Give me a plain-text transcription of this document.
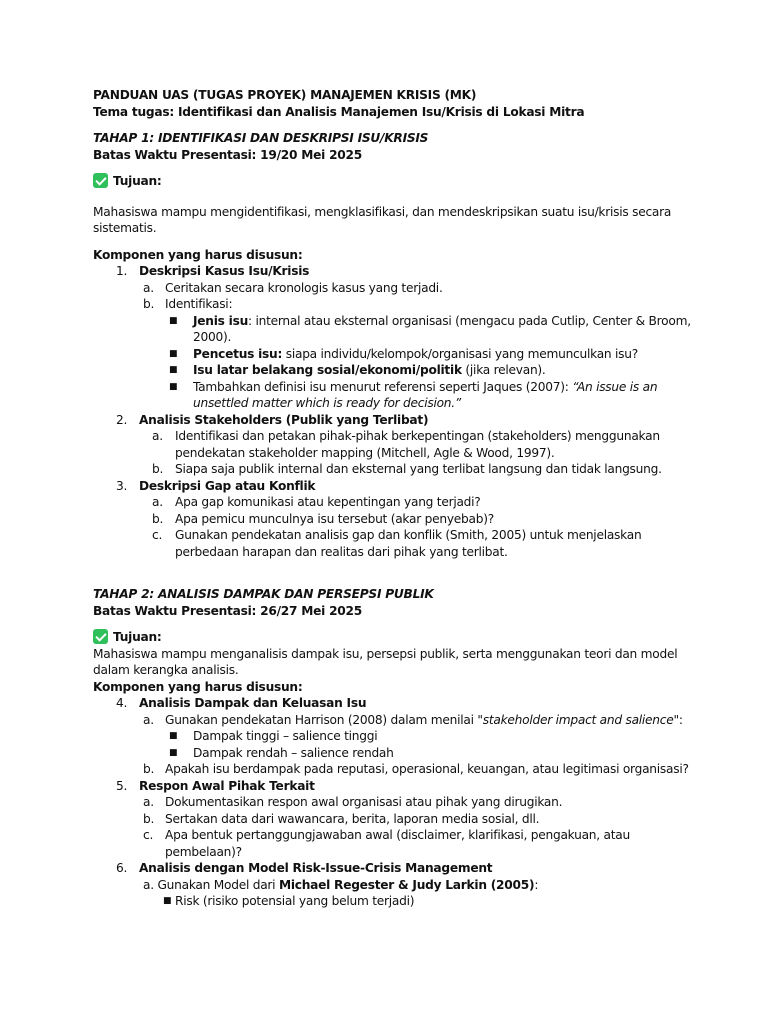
PANDUAN UAS (TUGAS PROYEK) MANAJEMEN KRISIS (MK)

Tema tugas: Identifikasi dan Analisis Manajemen Isu/Krisis di Lokasi Mitra

TAHAP 1: IDENTIFIKASI DAN DESKRIPSI ISU/KRISIS

Batas Waktu Presentasi: 19/20 Mei 2025

Tujuan:

Mahasiswa mampu mengidentifikasi, mengklasifikasi, dan mendeskripsikan suatu isu/krisis secara
sistematis.

Komponen yang harus disusun:

1. Deskripsi Kasus Isu/Krisis

a. Ceritakan secara kronologis kasus yang terjadi.

b. Identifikasi:

■ Jenis isu: internal atau eksternal organisasi (mengacu pada Cutlip, Center & Broom,
2000).

■ Pencetus isu: siapa individu/kelompok/organisasi yang memunculkan isu?

■ Isu latar belakang sosial/ekonomi/politik (jika relevan).

■ Tambahkan definisi isu menurut referensi seperti Jaques (2007): “An issue is an
unsettled matter which is ready for decision.”

2. Analisis Stakeholders (Publik yang Terlibat)

a. Identifikasi dan petakan pihak-pihak berkepentingan (stakeholders) menggunakan
pendekatan stakeholder mapping (Mitchell, Agle & Wood, 1997).

b. Siapa saja publik internal dan eksternal yang terlibat langsung dan tidak langsung.

3. Deskripsi Gap atau Konflik

a. Apa gap komunikasi atau kepentingan yang terjadi?

b. Apa pemicu munculnya isu tersebut (akar penyebab)?

c. Gunakan pendekatan analisis gap dan konflik (Smith, 2005) untuk menjelaskan
perbedaan harapan dan realitas dari pihak yang terlibat.

TAHAP 2: ANALISIS DAMPAK DAN PERSEPSI PUBLIK

Batas Waktu Presentasi: 26/27 Mei 2025

Tujuan:

Mahasiswa mampu menganalisis dampak isu, persepsi publik, serta menggunakan teori dan model
dalam kerangka analisis.

Komponen yang harus disusun:

4. Analisis Dampak dan Keluasan Isu

a. Gunakan pendekatan Harrison (2008) dalam menilai "stakeholder impact and salience":

■ Dampak tinggi – salience tinggi

■ Dampak rendah – salience rendah

b. Apakah isu berdampak pada reputasi, operasional, keuangan, atau legitimasi organisasi?

5. Respon Awal Pihak Terkait

a. Dokumentasikan respon awal organisasi atau pihak yang dirugikan.

b. Sertakan data dari wawancara, berita, laporan media sosial, dll.

c. Apa bentuk pertanggungjawaban awal (disclaimer, klarifikasi, pengakuan, atau
pembelaan)?

6. Analisis dengan Model Risk-Issue-Crisis Management

a. Gunakan Model dari Michael Regester & Judy Larkin (2005):

■ Risk (risiko potensial yang belum terjadi)
